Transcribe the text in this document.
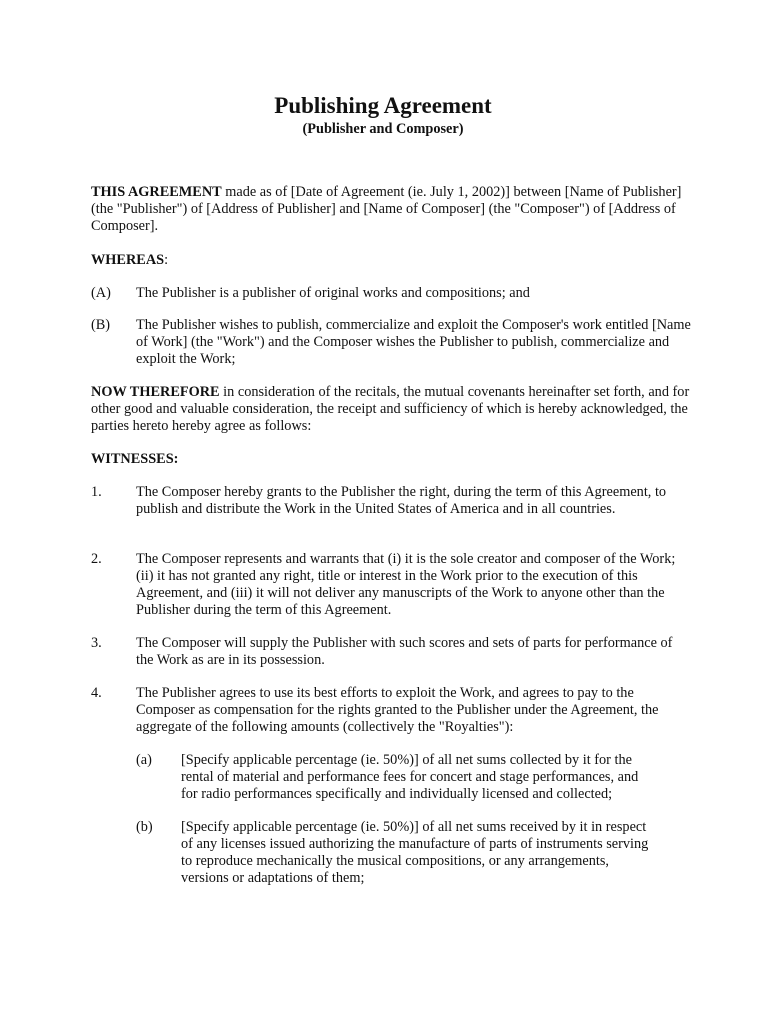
Publishing Agreement
(Publisher and Composer)
THIS AGREEMENT made as of [Date of Agreement (ie. July 1, 2002)] between [Name of Publisher] (the "Publisher") of [Address of Publisher] and [Name of Composer] (the "Composer") of [Address of Composer].
WHEREAS:
(A) The Publisher is a publisher of original works and compositions; and
(B) The Publisher wishes to publish, commercialize and exploit the Composer's work entitled [Name of Work] (the "Work") and the Composer wishes the Publisher to publish, commercialize and exploit the Work;
NOW THEREFORE in consideration of the recitals, the mutual covenants hereinafter set forth, and for other good and valuable consideration, the receipt and sufficiency of which is hereby acknowledged, the parties hereto hereby agree as follows:
WITNESSES:
1. The Composer hereby grants to the Publisher the right, during the term of this Agreement, to publish and distribute the Work in the United States of America and in all countries.
2. The Composer represents and warrants that (i) it is the sole creator and composer of the Work; (ii) it has not granted any right, title or interest in the Work prior to the execution of this Agreement, and (iii) it will not deliver any manuscripts of the Work to anyone other than the Publisher during the term of this Agreement.
3. The Composer will supply the Publisher with such scores and sets of parts for performance of the Work as are in its possession.
4. The Publisher agrees to use its best efforts to exploit the Work, and agrees to pay to the Composer as compensation for the rights granted to the Publisher under the Agreement, the aggregate of the following amounts (collectively the "Royalties"):
(a) [Specify applicable percentage (ie. 50%)] of all net sums collected by it for the rental of material and performance fees for concert and stage performances, and for radio performances specifically and individually licensed and collected;
(b) [Specify applicable percentage (ie. 50%)] of all net sums received by it in respect of any licenses issued authorizing the manufacture of parts of instruments serving to reproduce mechanically the musical compositions, or any arrangements, versions or adaptations of them;
